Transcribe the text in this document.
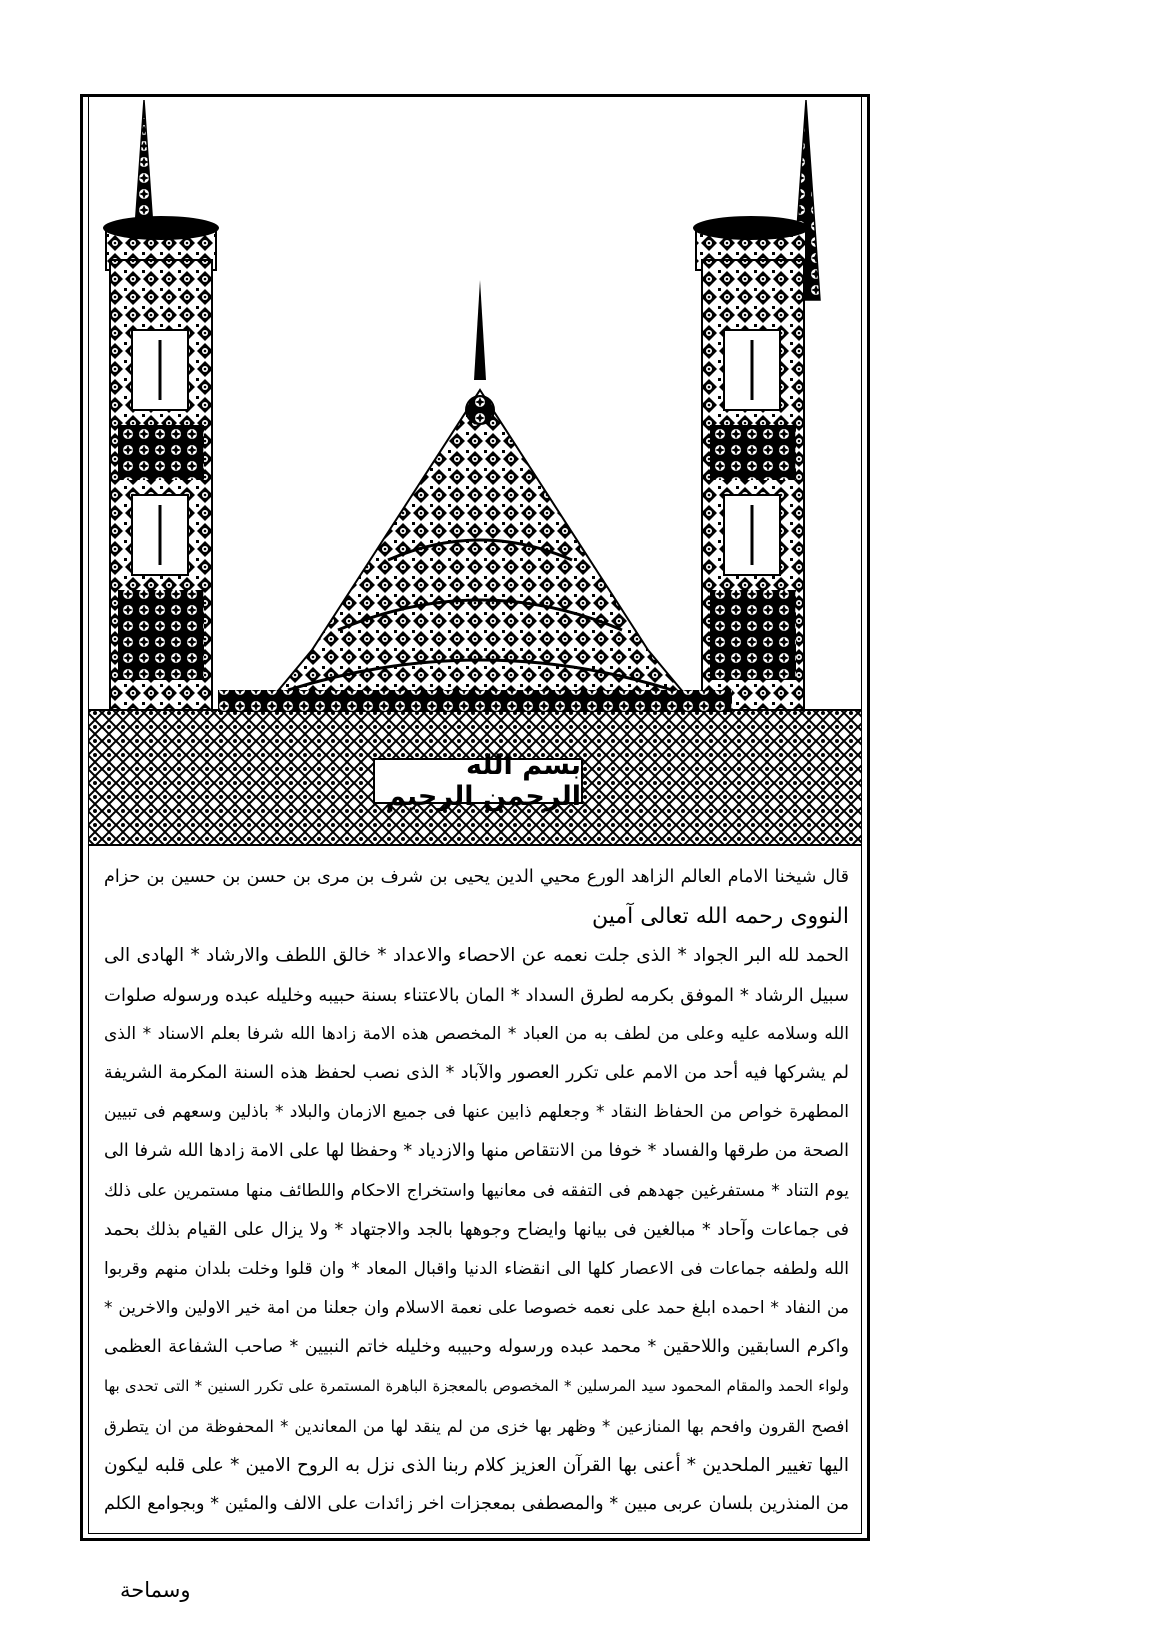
بسم الله الرحمن الرحيم
قال شيخنا الامام العالم الزاهد الورع محيي الدين يحيى بن شرف بن مرى بن حسن بن حسين بن حزام
النووى رحمه الله تعالى آمين
الحمد لله البر الجواد * الذى جلت نعمه عن الاحصاء والاعداد * خالق اللطف والارشاد * الهادى الى
سبيل الرشاد * الموفق بكرمه لطرق السداد * المان بالاعتناء بسنة حبيبه وخليله عبده ورسوله صلوات
الله وسلامه عليه وعلى من لطف به من العباد * المخصص هذه الامة زادها الله شرفا بعلم الاسناد * الذى
لم يشركها فيه أحد من الامم على تكرر العصور والآباد * الذى نصب لحفظ هذه السنة المكرمة الشريفة
المطهرة خواص من الحفاظ النقاد * وجعلهم ذابين عنها فى جميع الازمان والبلاد * باذلين وسعهم فى تبيين
الصحة من طرقها والفساد * خوفا من الانتقاص منها والازدياد * وحفظا لها على الامة زادها الله شرفا الى
يوم التناد * مستفرغين جهدهم فى التفقه فى معانيها واستخراج الاحكام واللطائف منها مستمرين على ذلك
فى جماعات وآحاد * مبالغين فى بيانها وايضاح وجوهها بالجد والاجتهاد * ولا يزال على القيام بذلك بحمد
الله ولطفه جماعات فى الاعصار كلها الى انقضاء الدنيا واقبال المعاد * وان قلوا وخلت بلدان منهم وقربوا
من النفاد * احمده ابلغ حمد على نعمه خصوصا على نعمة الاسلام وان جعلنا من امة خير الاولين والاخرين *
واكرم السابقين واللاحقين * محمد عبده ورسوله وحبيبه وخليله خاتم النبيين * صاحب الشفاعة العظمى
ولواء الحمد والمقام المحمود سيد المرسلين * المخصوص بالمعجزة الباهرة المستمرة على تكرر السنين * التى تحدى بها
افصح القرون وافحم بها المنازعين * وظهر بها خزى من لم ينقد لها من المعاندين * المحفوظة من ان يتطرق
اليها تغيير الملحدين * أعنى بها القرآن العزيز كلام ربنا الذى نزل به الروح الامين * على قلبه ليكون
من المنذرين بلسان عربى مبين * والمصطفى بمعجزات اخر زائدات على الالف والمئين * وبجوامع الكلم
وسماحة
